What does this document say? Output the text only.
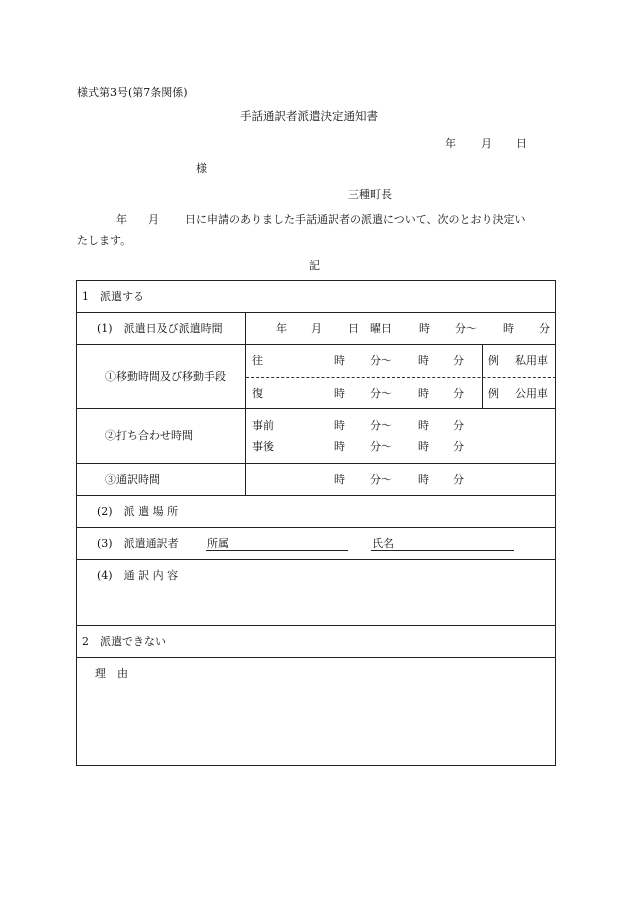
様式第3号(第7条関係)
手話通訳者派遣決定通知書
年 月 日
様
三種町長
年 月 日に申請のありました手話通訳者の派遣について、次のとおり決定い
たします。
記
1　派遣する
(1)　派遣日及び派遣時間	年 月 日 曜日 時 分〜 時 分
①移動時間及び移動手段
往	時 分〜 時 分 例 私用車
復	時 分〜 時 分 例 公用車
②打ち合わせ時間
事前	時 分〜 時 分
事後	時 分〜 時 分
③通訳時間	時 分〜 時 分
(2)　派 遣 場 所
(3)　派遣通訳者	所属	氏名
(4)　通 訳 内 容
2　派遣できない
理　由
